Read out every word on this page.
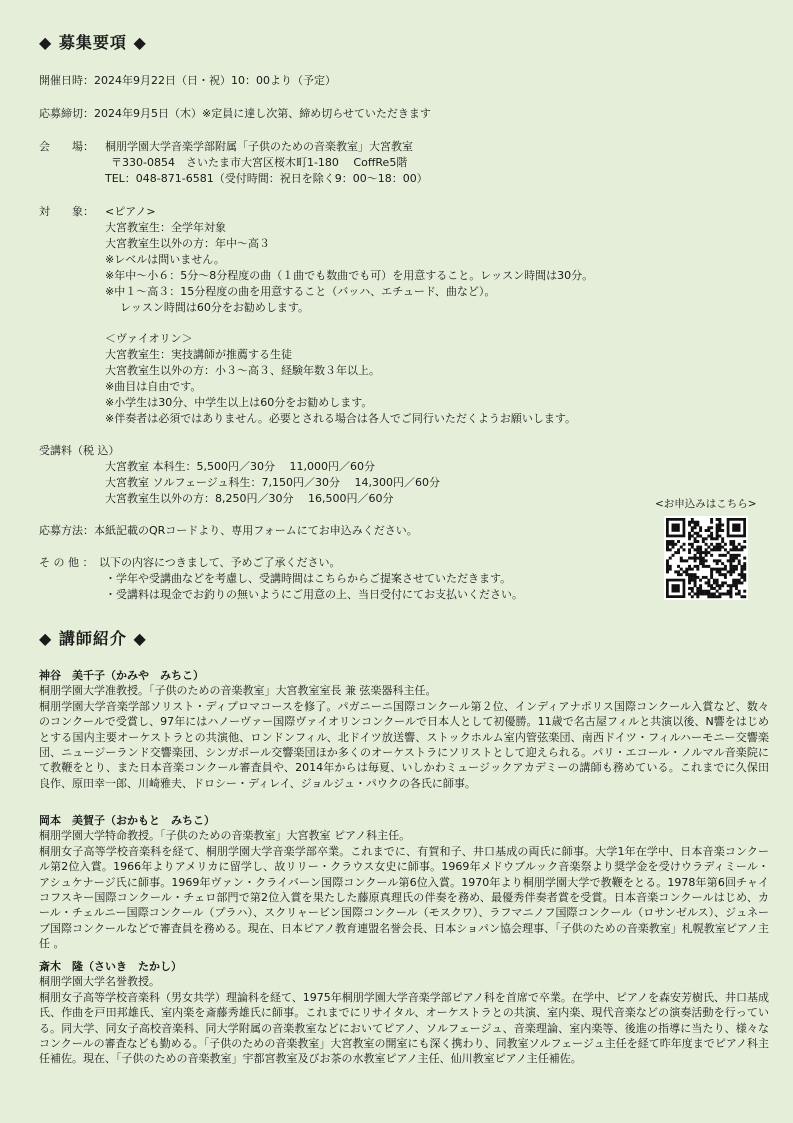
◆ 募集要項 ◆
開催日時：2024年9月22日（日・祝）10：00より（予定）
応募締切：2024年9月5日（木）※定員に達し次第、締め切らせていただきます
会　　場： 桐朋学園大学音楽学部附属「子供のための音楽教室」大宮教室
〒330-0854　さいたま市大宮区桜木町1-180　 CoffRe5階
TEL：048-871-6581（受付時間：祝日を除く9：00〜18：00）
対　　象： <ピアノ>
大宮教室生：全学年対象
大宮教室生以外の方：年中〜高３
※レベルは問いません。
※年中〜小６：5分〜8分程度の曲（１曲でも数曲でも可）を用意すること。レッスン時間は30分。
※中１〜高３：15分程度の曲を用意すること（バッハ、エチュード、曲など）。
レッスン時間は60分をお勧めします。
＜ヴァイオリン＞
大宮教室生：実技講師が推薦する生徒
大宮教室生以外の方：小３〜高３、経験年数３年以上。
※曲目は自由です。
※小学生は30分、中学生以上は60分をお勧めします。
※伴奏者は必須ではありません。必要とされる場合は各人でご同行いただくようお願いします。
受講料（税 込）
大宮教室 本科生：5,500円／30分　 11,000円／60分
大宮教室 ソルフェージュ科生：7,150円／30分　 14,300円／60分
大宮教室生以外の方：8,250円／30分　 16,500円／60分
応募方法：本紙記載のQRコードより、専用フォームにてお申込みください。
そ の 他 ： 以下の内容につきまして、予めご了承ください。
・学年や受講曲などを考慮し、受講時間はこちらからご提案させていただきます。
・受講料は現金でお釣りの無いようにご用意の上、当日受付にてお支払いください。
<お申込みはこちら>
◆ 講師紹介 ◆
神谷　美千子（かみや　みちこ）
桐朋学園大学准教授。「子供のための音楽教室」大宮教室室長 兼 弦楽器科主任。

桐朋学園大学音楽学部ソリスト・ディプロマコースを修了。パガニーニ国際コンクール第２位、インディアナポリス国際コンクール入賞など、数々のコンクールで受賞し、97年にはハノーヴァー国際ヴァイオリンコンクールで日本人として初優勝。11歳で名古屋フィルと共演以後、N響をはじめとする国内主要オーケストラとの共演他、ロンドンフィル、北ドイツ放送響、ストックホルム室内管弦楽団、南西ドイツ・フィルハーモニー交響楽団、ニュージーランド交響楽団、シンガポール交響楽団ほか多くのオーケストラにソリストとして迎えられる。パリ・エコール・ノルマル音楽院にて教鞭をとり、また日本音楽コンクール審査員や、2014年からは毎夏、いしかわミュージックアカデミーの講師も務めている。これまでに久保田良作、原田幸一郎、川崎雅夫、ドロシー・ディレイ、ジョルジュ・パウクの各氏に師事。

岡本　美賀子（おかもと　みちこ）
桐朋学園大学特命教授。「子供のための音楽教室」大宮教室 ピアノ科主任。

桐朋女子高等学校音楽科を経て、桐朋学園大学音楽学部卒業。これまでに、有賀和子、井口基成の両氏に師事。大学1年在学中、日本音楽コンクール第2位入賞。1966年よりアメリカに留学し、故リリー・クラウス女史に師事。1969年メドウブルック音楽祭より奨学金を受けウラディミール・アシュケナージ氏に師事。1969年ヴァン・クライバーン国際コンクール第6位入賞。1970年より桐朋学園大学で教鞭をとる。1978年第6回チャイコフスキー国際コンクール・チェロ部門で第2位入賞を果たした藤原真理氏の伴奏を務め、最優秀伴奏者賞を受賞。日本音楽コンクールはじめ、カール・チェルニー国際コンクール（プラハ）、スクリャービン国際コンクール（モスクワ）、ラフマニノフ国際コンクール（ロサンゼルス）、ジュネーブ国際コンクールなどで審査員を務める。現在、日本ピアノ教育連盟名誉会長、日本ショパン協会理事、「子供のための音楽教室」札幌教室ピアノ主任 。

斎木　隆（さいき　たかし）
桐朋学園大学名誉教授。

桐朋女子高等学校音楽科（男女共学）理論科を経て、1975年桐朋学園大学音楽学部ピアノ科を首席で卒業。在学中、ピアノを森安芳樹氏、井口基成氏、作曲を戸田邦雄氏、室内楽を斎藤秀雄氏に師事。これまでにリサイタル、オーケストラとの共演、室内楽、現代音楽などの演奏活動を行っている。同大学、同女子高校音楽科、同大学附属の音楽教室などにおいてピアノ、ソルフェージュ、音楽理論、室内楽等、後進の指導に当たり、様々なコンクールの審査なども勤める。「子供のための音楽教室」大宮教室の開室にも深く携わり、同教室ソルフェージュ主任を経て昨年度までピアノ科主任補佐。現在、「子供のための音楽教室」宇都宮教室及びお茶の水教室ピアノ主任、仙川教室ピアノ主任補佐。
